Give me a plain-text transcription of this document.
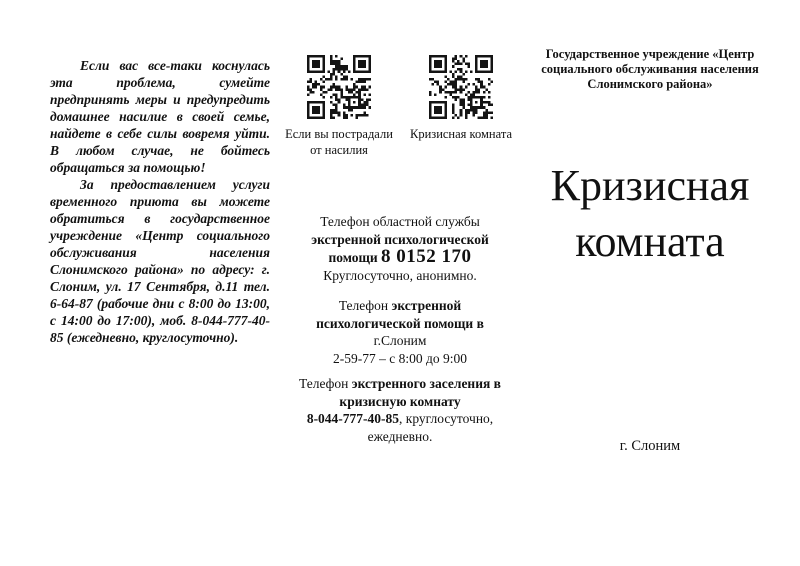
Если вас все-таки коснулась эта проблема, сумейте предпринять меры и предупредить домашнее насилие в своей семье, найдете в себе силы вовремя уйти. В любом случае, не бойтесь обращаться за помощью!

За предоставлением услуги временного приюта вы можете обратиться в государственное учреждение «Центр социального обслуживания населения Слонимского района» по адресу: г. Слоним, ул. 17 Сентября, д.11 тел. 6-64-87 (рабочие дни с 8:00 до 13:00, с 14:00 до 17:00), моб. 8-044-777-40-85 (ежедневно, круглосуточно).

Если вы пострадали от насилия
Кризисная комната

Телефон областной службы
экстренной психологической
помощи 8 0152 170
Круглосуточно, анонимно.

Телефон экстренной
психологической помощи в
г.Слоним
2-59-77 – с 8:00 до 9:00

Телефон экстренного заселения в
кризисную комнату
8-044-777-40-85, круглосуточно,
ежедневно.

Государственное учреждение «Центр социального обслуживания населения Слонимского района»

Кризисная
комната

г. Слоним
